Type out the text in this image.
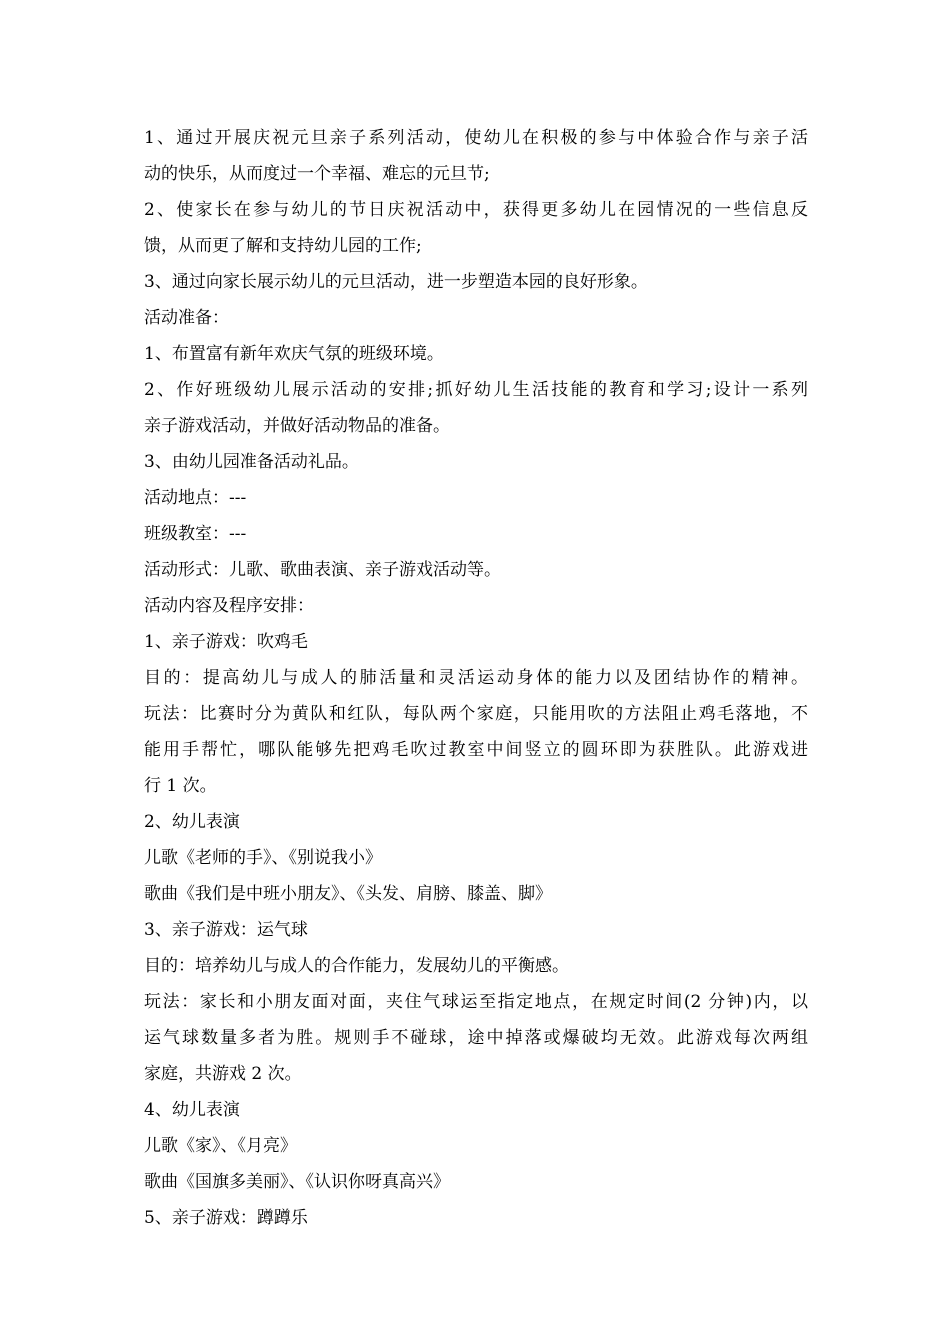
1、通过开展庆祝元旦亲子系列活动，使幼儿在积极的参与中体验合作与亲子活
动的快乐，从而度过一个幸福、难忘的元旦节;
2、使家长在参与幼儿的节日庆祝活动中，获得更多幼儿在园情况的一些信息反
馈，从而更了解和支持幼儿园的工作;
3、通过向家长展示幼儿的元旦活动，进一步塑造本园的良好形象。
活动准备：
1、布置富有新年欢庆气氛的班级环境。
2、作好班级幼儿展示活动的安排;抓好幼儿生活技能的教育和学习;设计一系列
亲子游戏活动，并做好活动物品的准备。
3、由幼儿园准备活动礼品。
活动地点：---
班级教室：---
活动形式：儿歌、歌曲表演、亲子游戏活动等。
活动内容及程序安排：
1、亲子游戏：吹鸡毛
目的：提高幼儿与成人的肺活量和灵活运动身体的能力以及团结协作的精神。
玩法：比赛时分为黄队和红队，每队两个家庭，只能用吹的方法阻止鸡毛落地，不
能用手帮忙，哪队能够先把鸡毛吹过教室中间竖立的圆环即为获胜队。此游戏进
行 1 次。
2、幼儿表演
儿歌《老师的手》、《别说我小》
歌曲《我们是中班小朋友》、《头发、肩膀、膝盖、脚》
3、亲子游戏：运气球
目的：培养幼儿与成人的合作能力，发展幼儿的平衡感。
玩法：家长和小朋友面对面，夹住气球运至指定地点，在规定时间(2 分钟)内，以
运气球数量多者为胜。规则手不碰球，途中掉落或爆破均无效。此游戏每次两组
家庭，共游戏 2 次。
4、幼儿表演
儿歌《家》、《月亮》
歌曲《国旗多美丽》、《认识你呀真高兴》
5、亲子游戏：蹲蹲乐
